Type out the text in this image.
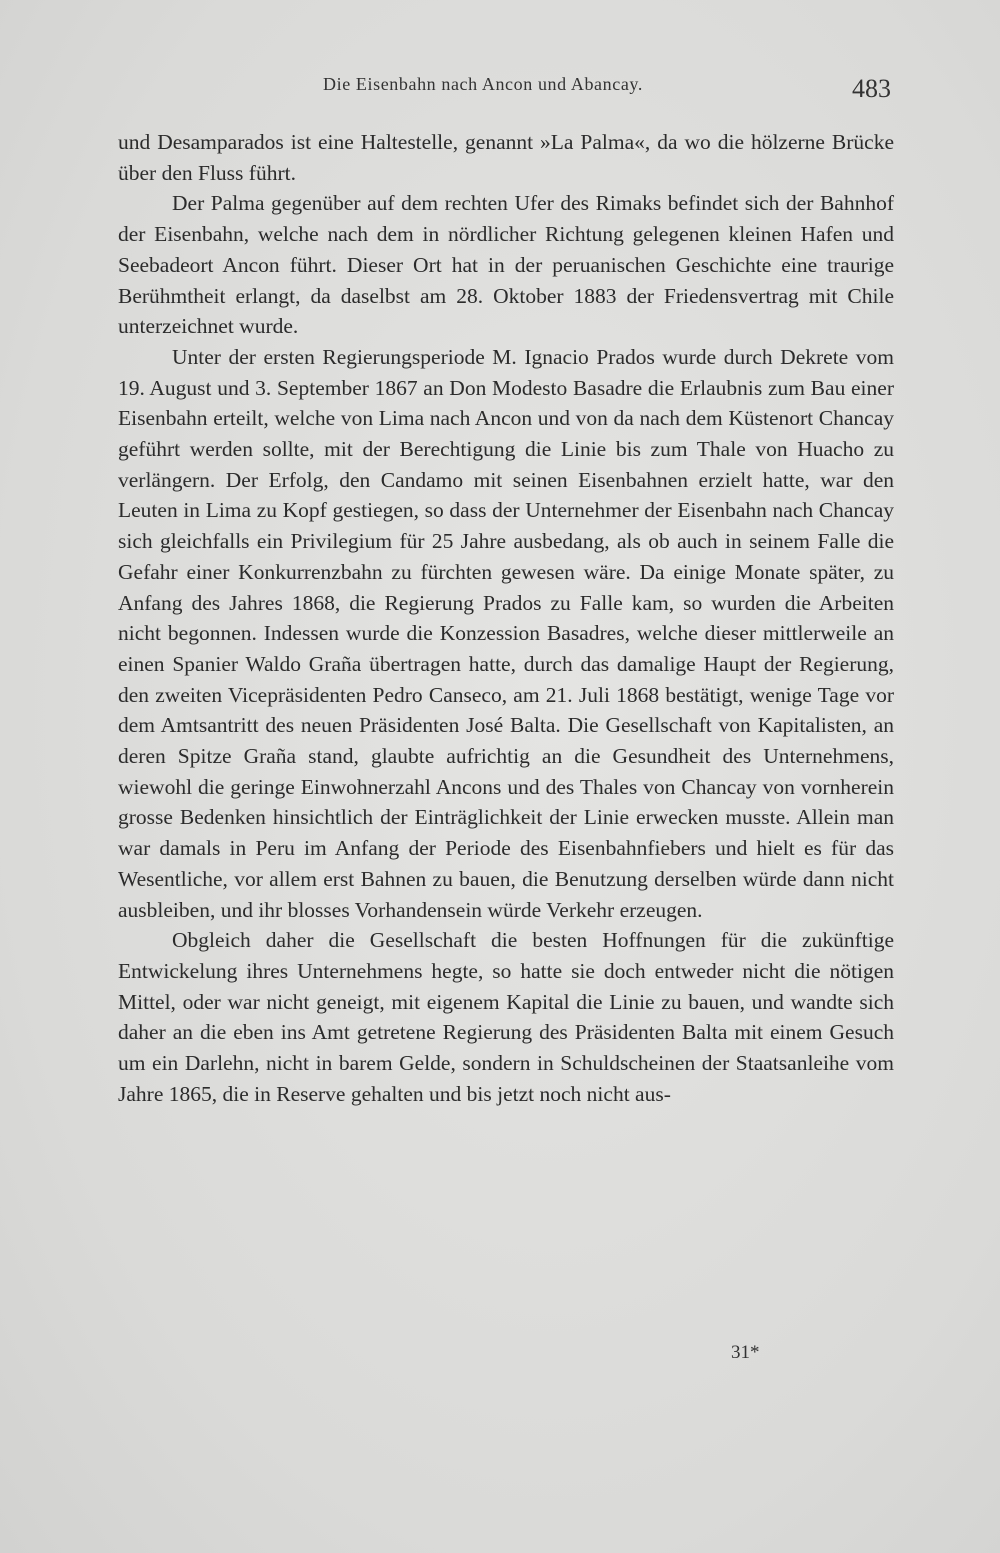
Die Eisenbahn nach Ancon und Abancay.	483

und Desamparados ist eine Haltestelle, genannt »La Palma«, da wo die hölzerne Brücke über den Fluss führt.

Der Palma gegenüber auf dem rechten Ufer des Rimaks befindet sich der Bahnhof der Eisenbahn, welche nach dem in nördlicher Richtung gelegenen kleinen Hafen und Seebadeort Ancon führt. Dieser Ort hat in der peruanischen Geschichte eine traurige Berühmtheit erlangt, da daselbst am 28. Oktober 1883 der Friedensvertrag mit Chile unterzeichnet wurde.

Unter der ersten Regierungsperiode M. Ignacio Prados wurde durch Dekrete vom 19. August und 3. September 1867 an Don Modesto Basadre die Erlaubnis zum Bau einer Eisenbahn erteilt, welche von Lima nach Ancon und von da nach dem Küstenort Chancay geführt werden sollte, mit der Berechtigung die Linie bis zum Thale von Huacho zu verlängern. Der Erfolg, den Candamo mit seinen Eisenbahnen erzielt hatte, war den Leuten in Lima zu Kopf gestiegen, so dass der Unternehmer der Eisenbahn nach Chancay sich gleichfalls ein Privilegium für 25 Jahre ausbedang, als ob auch in seinem Falle die Gefahr einer Konkurrenzbahn zu fürchten gewesen wäre. Da einige Monate später, zu Anfang des Jahres 1868, die Regierung Prados zu Falle kam, so wurden die Arbeiten nicht begonnen. Indessen wurde die Konzession Basadres, welche dieser mittlerweile an einen Spanier Waldo Graña übertragen hatte, durch das damalige Haupt der Regierung, den zweiten Vicepräsidenten Pedro Canseco, am 21. Juli 1868 bestätigt, wenige Tage vor dem Amtsantritt des neuen Präsidenten José Balta. Die Gesellschaft von Kapitalisten, an deren Spitze Graña stand, glaubte aufrichtig an die Gesundheit des Unternehmens, wiewohl die geringe Einwohnerzahl Ancons und des Thales von Chancay von vornherein grosse Bedenken hinsichtlich der Einträglichkeit der Linie erwecken musste. Allein man war damals in Peru im Anfang der Periode des Eisenbahnfiebers und hielt es für das Wesentliche, vor allem erst Bahnen zu bauen, die Benutzung derselben würde dann nicht ausbleiben, und ihr blosses Vorhandensein würde Verkehr erzeugen.

Obgleich daher die Gesellschaft die besten Hoffnungen für die zukünftige Entwickelung ihres Unternehmens hegte, so hatte sie doch entweder nicht die nötigen Mittel, oder war nicht geneigt, mit eigenem Kapital die Linie zu bauen, und wandte sich daher an die eben ins Amt getretene Regierung des Präsidenten Balta mit einem Gesuch um ein Darlehn, nicht in barem Gelde, sondern in Schuldscheinen der Staatsanleihe vom Jahre 1865, die in Reserve gehalten und bis jetzt noch nicht aus-

31*
